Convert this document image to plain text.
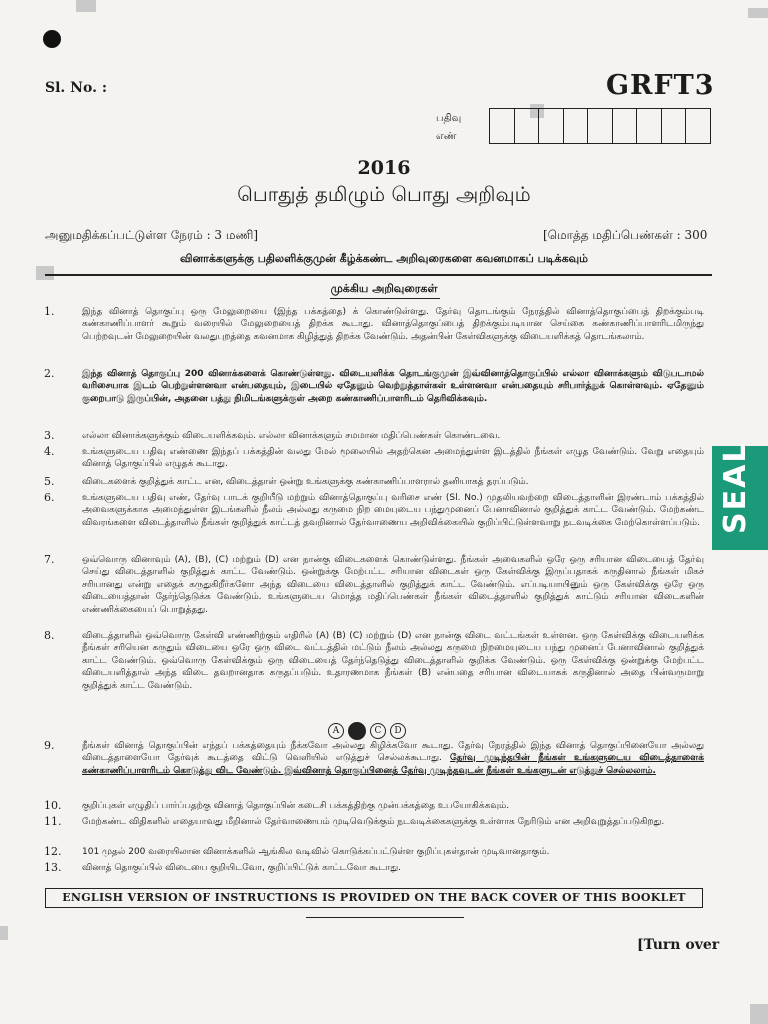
Sl. No. :	GRFT3
பதிவு
எண்
2016
பொதுத் தமிழும் பொது அறிவும்
அனுமதிக்கப்பட்டுள்ள நேரம் : 3 மணி]	[மொத்த மதிப்பெண்கள் : 300
வினாக்களுக்கு பதிலளிக்குமுன் கீழ்க்கண்ட அறிவுரைகளை கவனமாகப் படிக்கவும்
முக்கிய அறிவுரைகள்
1.	இந்த வினாத் தொகுப்பு ஒரு மேலுறையை (இந்த பக்கத்தை) க் கொண்டுள்ளது. தேர்வு தொடங்கும் நேரத்தில் வினாத்தொகுப்பைத் திறக்கும்படி கண்காணிப்பாளர் கூறும் வரையில் மேலுறையைத் திறக்க கூடாது. வினாத்தொகுப்பைத் திறக்கும்படியான செய்கை கண்காணிப்பாளரிடமிருந்து பெற்றவுடன் மேலுறையின் வலதுபுறத்தை கவனமாக கிழித்துத் திறக்க வேண்டும். அதன்பின் கேள்விகளுக்கு விடையளிக்கத் தொடங்கலாம்.
2.	இந்த வினாத் தொகுப்பு 200 வினாக்களைக் கொண்டுள்ளது. விடையளிக்க தொடங்குமுன் இவ்வினாத்தொகுப்பில் எல்லா வினாக்களும் விடுபடாமல் வரிசையாக இடம் பெற்றுள்ளனவா என்பதையும், இடையில் ஏதேனும் வெற்றுத்தாள்கள் உள்ளனவா என்பதையும் சரிபார்த்துக் கொள்ளவும். ஏதேனும் குறைபாடு இருப்பின், அதனை பத்து நிமிடங்களுக்குள் அறை கண்காணிப்பாளரிடம் தெரிவிக்கவும்.
3.	எல்லா வினாக்களுக்கும் விடையளிக்கவும். எல்லா வினாக்களும் சமமான மதிப்பெண்கள் கொண்டவை.
4.	உங்களுடைய பதிவு எண்ணை இந்தப் பக்கத்தின் வலது மேல் மூலையில் அதற்கென அமைந்துள்ள இடத்தில் நீங்கள் எழுத வேண்டும். வேறு எதையும் வினாத் தொகுப்பில் எழுதக் கூடாது.
5.	விடைகளைக் குறித்துக் காட்ட என, விடைத்தாள் ஒன்று உங்களுக்கு கண்காணிப்பாளரால் தனியாகத் தரப்படும்.
6.	உங்களுடைய பதிவு எண், தேர்வு பாடக் குறியீடு மற்றும் வினாத்தொகுப்பு வரிசை எண் (Sl. No.) முதலியவற்றை விடைத்தாளின் இரண்டாம் பக்கத்தில் அவைகளுக்காக அமைந்துள்ள இடங்களில் நீலம் அல்லது கருமை நிற மையுடைய பந்துமுனைப் பேனாவினால் குறித்துக் காட்ட வேண்டும். மேற்கண்ட விவரங்களை விடைத்தாளில் நீங்கள் குறித்துக் காட்டத் தவறினால் தேர்வாணைய அறிவிக்கையில் குறிப்பிட்டுள்ளவாறு நடவடிக்கை மேற்கொள்ளப்படும்.
7.	ஒவ்வொரு வினாவும் (A), (B), (C) மற்றும் (D) என நான்கு விடைகளைக் கொண்டுள்ளது. நீங்கள் அவைகளில் ஒரே ஒரு சரியான விடையைத் தேர்வு செய்து விடைத்தாளில் குறித்துக் காட்ட வேண்டும். ஒன்றுக்கு மேற்பட்ட சரியான விடைகள் ஒரு கேள்விக்கு இருப்பதாகக் கருதினால் நீங்கள் மிகச் சரியானது என்று எதைக் கருதுகிறீர்களோ அந்த விடையை விடைத்தாளில் குறித்துக் காட்ட வேண்டும். எப்படியாயினும் ஒரு கேள்விக்கு ஒரே ஒரு விடையைத்தான் தேர்ந்தெடுக்க வேண்டும். உங்களுடைய மொத்த மதிப்பெண்கள் நீங்கள் விடைத்தாளில் குறித்துக் காட்டும் சரியான விடைகளின் எண்ணிக்கையைப் பொறுத்தது.
8.	விடைத்தாளில் ஒவ்வொரு கேள்வி எண்ணிற்கும் எதிரில் (A) (B) (C) மற்றும் (D) என நான்கு விடை வட்டங்கள் உள்ளன. ஒரு கேள்விக்கு விடையளிக்க நீங்கள் சரியென கருதும் விடையை ஒரே ஒரு விடை வட்டத்தில் மட்டும் நீலம் அல்லது கருமை நிறமையுடைய பந்து முனைப் பேனாவினால் குறித்துக் காட்ட வேண்டும். ஒவ்வொரு கேள்விக்கும் ஒரு விடையைத் தேர்ந்தெடுத்து விடைத்தாளில் குறிக்க வேண்டும். ஒரு கேள்விக்கு ஒன்றுக்கு மேற்பட்ட விடையளித்தால் அந்த விடை தவறானதாக கருதப்படும். உதாரணமாக நீங்கள் (B) என்பதை சரியான விடையாகக் கருதினால் அதை பின்வருமாறு குறித்துக் காட்ட வேண்டும்.
A	C	D
9.	நீங்கள் வினாத் தொகுப்பின் எந்தப் பக்கத்தையும் நீக்கவோ அல்லது கிழிக்கவோ கூடாது. தேர்வு நேரத்தில் இந்த வினாத் தொகுப்பினையோ அல்லது விடைத்தாளையோ தேர்வுக் கூடத்தை விட்டு வெளியில் எடுத்துச் செல்லக்கூடாது. தேர்வு முடிந்தபின் நீங்கள் உங்களுடைய விடைத்தாளைக் கண்காணிப்பாளரிடம் கொடுத்து விட வேண்டும். இவ்வினாத் தொகுப்பினைத் தேர்வு முடிந்தவுடன் நீங்கள் உங்களுடன் எடுத்துச் செல்லலாம்.
10.	குறிப்புகள் எழுதிப் பார்ப்பதற்கு வினாத் தொகுப்பின் கடைசி பக்கத்திற்கு முன்பக்கத்தை உபயோகிக்கவும்.
11.	மேற்கண்ட விதிகளில் எதையாவது மீறினால் தேர்வாணையம் முடிவெடுக்கும் நடவடிக்கைகளுக்கு உள்ளாக நேரிடும் என அறிவுறுத்தப்படுகிறது.
12.	101 முதல் 200 வரையிலான வினாக்களில் ஆங்கில வடிவில் கொடுக்கப்பட்டுள்ள குறிப்புகள்தான் முடிவானதாகும்.
13.	வினாத் தொகுப்பில் விடையை குறியிடவோ, குறிப்பிட்டுக் காட்டவோ கூடாது.
ENGLISH VERSION OF INSTRUCTIONS IS PROVIDED ON THE BACK COVER OF THIS BOOKLET
[Turn over
SEAL
